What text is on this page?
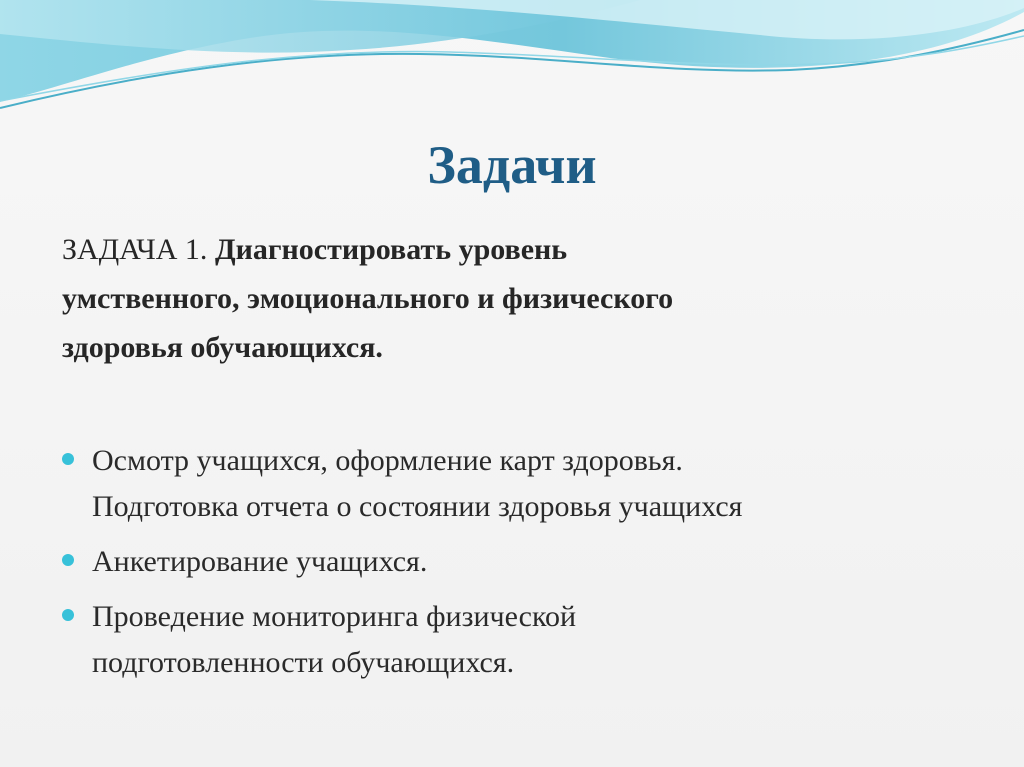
Задачи
ЗАДАЧА 1. Диагностировать уровень
умственного, эмоционального и физического
здоровья обучающихся.
Осмотр учащихся, оформление карт здоровья.
Подготовка отчета о состоянии здоровья учащихся
Анкетирование учащихся.
Проведение мониторинга физической
подготовленности обучающихся.
